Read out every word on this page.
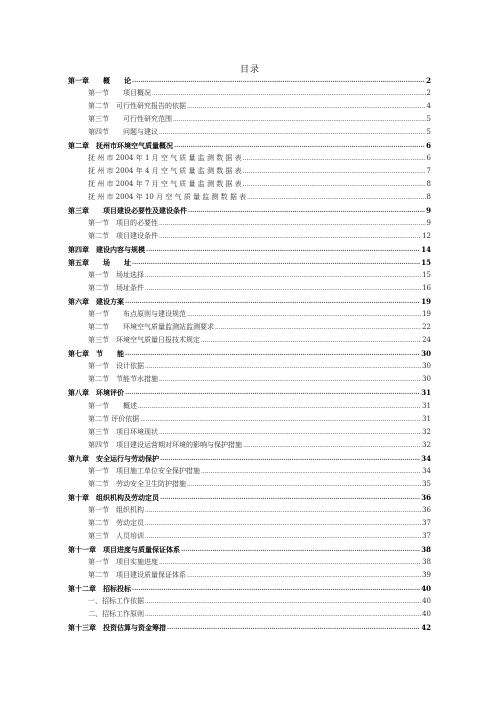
目录
第一章　　概　　论 .....	2
第一节　　项目概况 .....	2
第二节　可行性研究报告的依据 .....	4
第三节　　可行性研究范围 .....	5
第四节　　问题与建议 .....	5
第二章　抚州市环境空气质量概况 .....	6
抚 州 市 2004 年 1 月 空 气 质 量 监 测 数 据 表 .....	6
抚 州 市 2004 年 4 月 空 气 质 量 监 测 数 据 表 .....	7
抚 州 市 2004 年 7 月 空 气 质 量 监 测 数 据 表 .....	8
抚 州 市 2004 年 10 月 空 气 质 量 监 测 数 据 表 .....	8
第三章　　项目建设必要性及建设条件 .....	9
第一节　项目的必要性 .....	9
第二节　项目建设条件 .....	12
第四章　建设内容与规模 .....	14
第五章　　场　　址 .....	15
第一节　场址选择 .....	15
第二节　场址条件 .....	16
第六章　建设方案 .....	19
第一节　　布点原则与建设规范 .....	19
第二节　　环境空气质量监测站监测要求 .....	22
第三节　环境空气质量日报技术规定 .....	24
第七章　节　　能 .....	30
第一节　设计依据 .....	30
第二节　节能节水措施 .....	30
第八章　环境评价 .....	31
第一节　　概述 .....	31
第二节 评价依据 .....	31
第三节　项目环境现状 .....	32
第四节　项目建设运营期对环境的影响与保护措施 .....	32
第九章　安全运行与劳动保护 .....	34
第一节　项目施工单位安全保护措施 .....	34
第二节　劳动安全卫生防护措施 .....	35
第十章　组织机构及劳动定员 .....	36
第一节　组织机构 .....	36
第二节　劳动定员 .....	37
第三节　人员培训 .....	37
第十一章　项目进度与质量保证体系 .....	38
第一节　项目实施进度 .....	38
第二节　项目建设质量保证体系 .....	39
第十二章　招标投标 .....	40
一、招标工作依据 .....	40
二、招标工作原则 .....	40
第十三章　投资估算与资金筹措 .....	42
